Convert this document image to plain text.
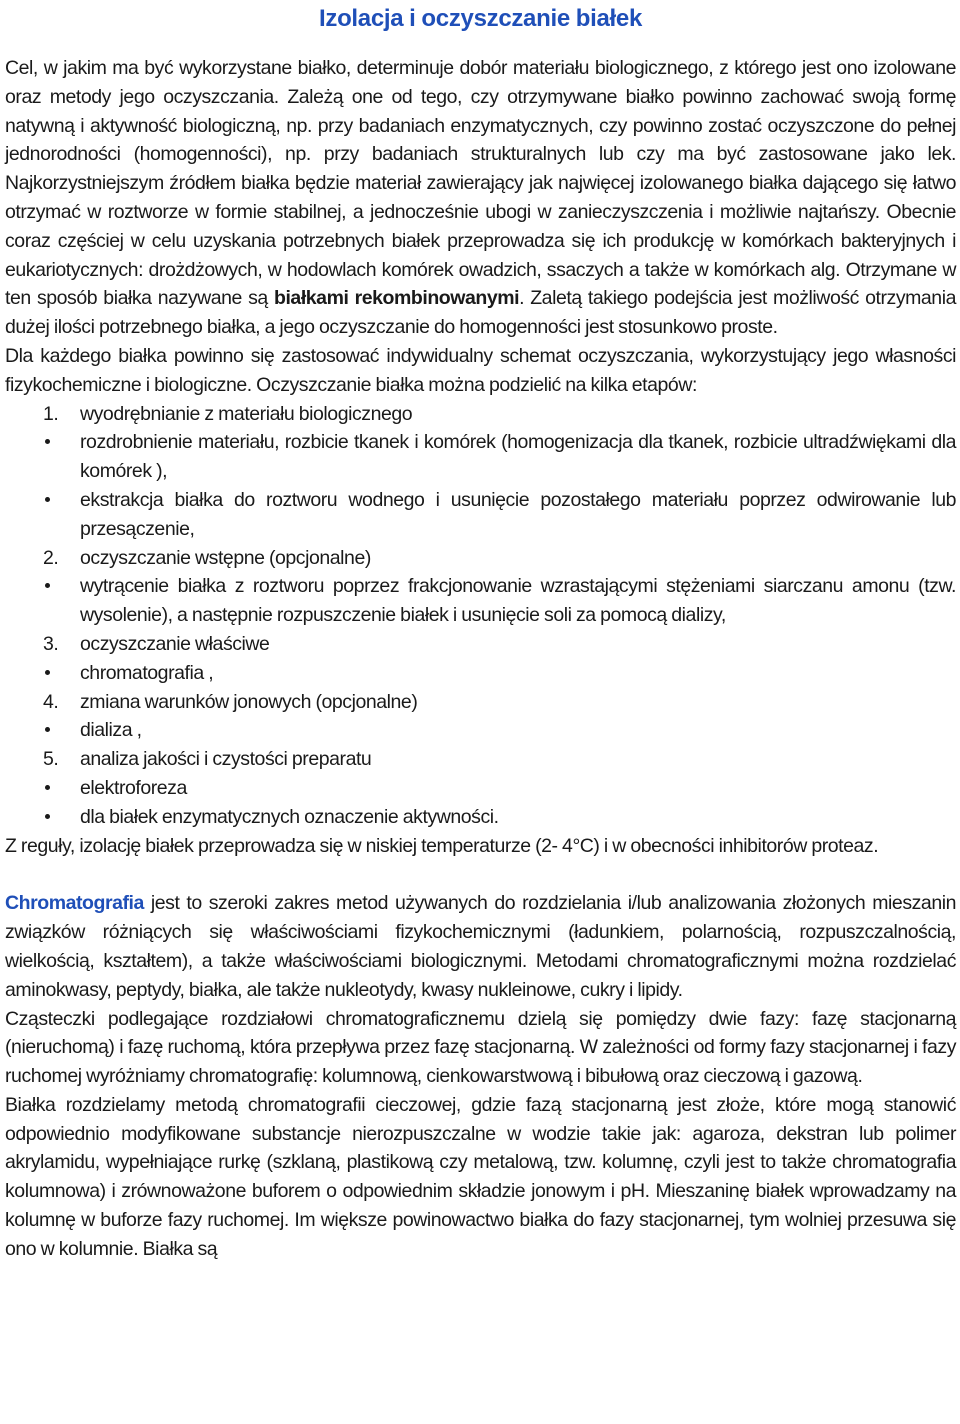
Izolacja i oczyszczanie białek

Cel, w jakim ma być wykorzystane białko, determinuje dobór materiału biologicznego, z którego jest ono izolowane oraz metody jego oczyszczania. Zależą one od tego, czy otrzymywane białko powinno zachować swoją formę natywną i aktywność biologiczną, np. przy badaniach enzymatycznych, czy powinno zostać oczyszczone do pełnej jednorodności (homogenności), np. przy badaniach strukturalnych lub czy ma być zastosowane jako lek. Najkorzystniejszym źródłem białka będzie materiał zawierający jak najwięcej izolowanego białka dającego się łatwo otrzymać w roztworze w formie stabilnej, a jednocześnie ubogi w zanieczyszczenia i możliwie najtańszy. Obecnie coraz częściej w celu uzyskania potrzebnych białek przeprowadza się ich produkcję w komórkach bakteryjnych i eukariotycznych: drożdżowych, w hodowlach komórek owadzich, ssaczych a także w komórkach alg. Otrzymane w ten sposób białka nazywane są białkami rekombinowanymi. Zaletą takiego podejścia jest możliwość otrzymania dużej ilości potrzebnego białka, a jego oczyszczanie do homogenności jest stosunkowo proste.

Dla każdego białka powinno się zastosować indywidualny schemat oczyszczania, wykorzystujący jego własności fizykochemiczne i biologiczne. Oczyszczanie białka można podzielić na kilka etapów:

1.	wyodrębnianie z materiału biologicznego
rozdrobnienie materiału, rozbicie tkanek i komórek (homogenizacja dla tkanek, rozbicie ultradźwiękami dla komórek ),
ekstrakcja białka do roztworu wodnego i usunięcie pozostałego materiału poprzez odwirowanie lub przesączenie,
2.	oczyszczanie wstępne (opcjonalne)
wytrącenie białka z roztworu poprzez frakcjonowanie wzrastającymi stężeniami siarczanu amonu (tzw. wysolenie), a następnie rozpuszczenie białek i usunięcie soli za pomocą dializy,
3.	oczyszczanie właściwe
chromatografia ,
4.	zmiana warunków jonowych (opcjonalne)
dializa ,
5.	analiza jakości i czystości preparatu
elektroforeza
dla białek enzymatycznych oznaczenie aktywności.

Z reguły, izolację białek przeprowadza się w niskiej temperaturze (2- 4°C) i w obecności inhibitorów proteaz.

Chromatografia jest to szeroki zakres metod używanych do rozdzielania i/lub analizowania złożonych mieszanin związków różniących się właściwościami fizykochemicznymi (ładunkiem, polarnością, rozpuszczalnością, wielkością, kształtem), a także właściwościami biologicznymi. Metodami chromatograficznymi można rozdzielać aminokwasy, peptydy, białka, ale także nukleotydy, kwasy nukleinowe, cukry i lipidy.

Cząsteczki podlegające rozdziałowi chromatograficznemu dzielą się pomiędzy dwie fazy: fazę stacjonarną (nieruchomą) i fazę ruchomą, która przepływa przez fazę stacjonarną. W zależności od formy fazy stacjonarnej i fazy ruchomej wyróżniamy chromatografię: kolumnową, cienkowarstwową i bibułową oraz cieczową i gazową.

Białka rozdzielamy metodą chromatografii cieczowej, gdzie fazą stacjonarną jest złoże, które mogą stanowić odpowiednio modyfikowane substancje nierozpuszczalne w wodzie takie jak: agaroza, dekstran lub polimer akrylamidu, wypełniające rurkę (szklaną, plastikową czy metalową, tzw. kolumnę, czyli jest to także chromatografia kolumnowa) i zrównoważone buforem o odpowiednim składzie jonowym i pH. Mieszaninę białek wprowadzamy na kolumnę w buforze fazy ruchomej. Im większe powinowactwo białka do fazy stacjonarnej, tym wolniej przesuwa się ono w kolumnie. Białka są
